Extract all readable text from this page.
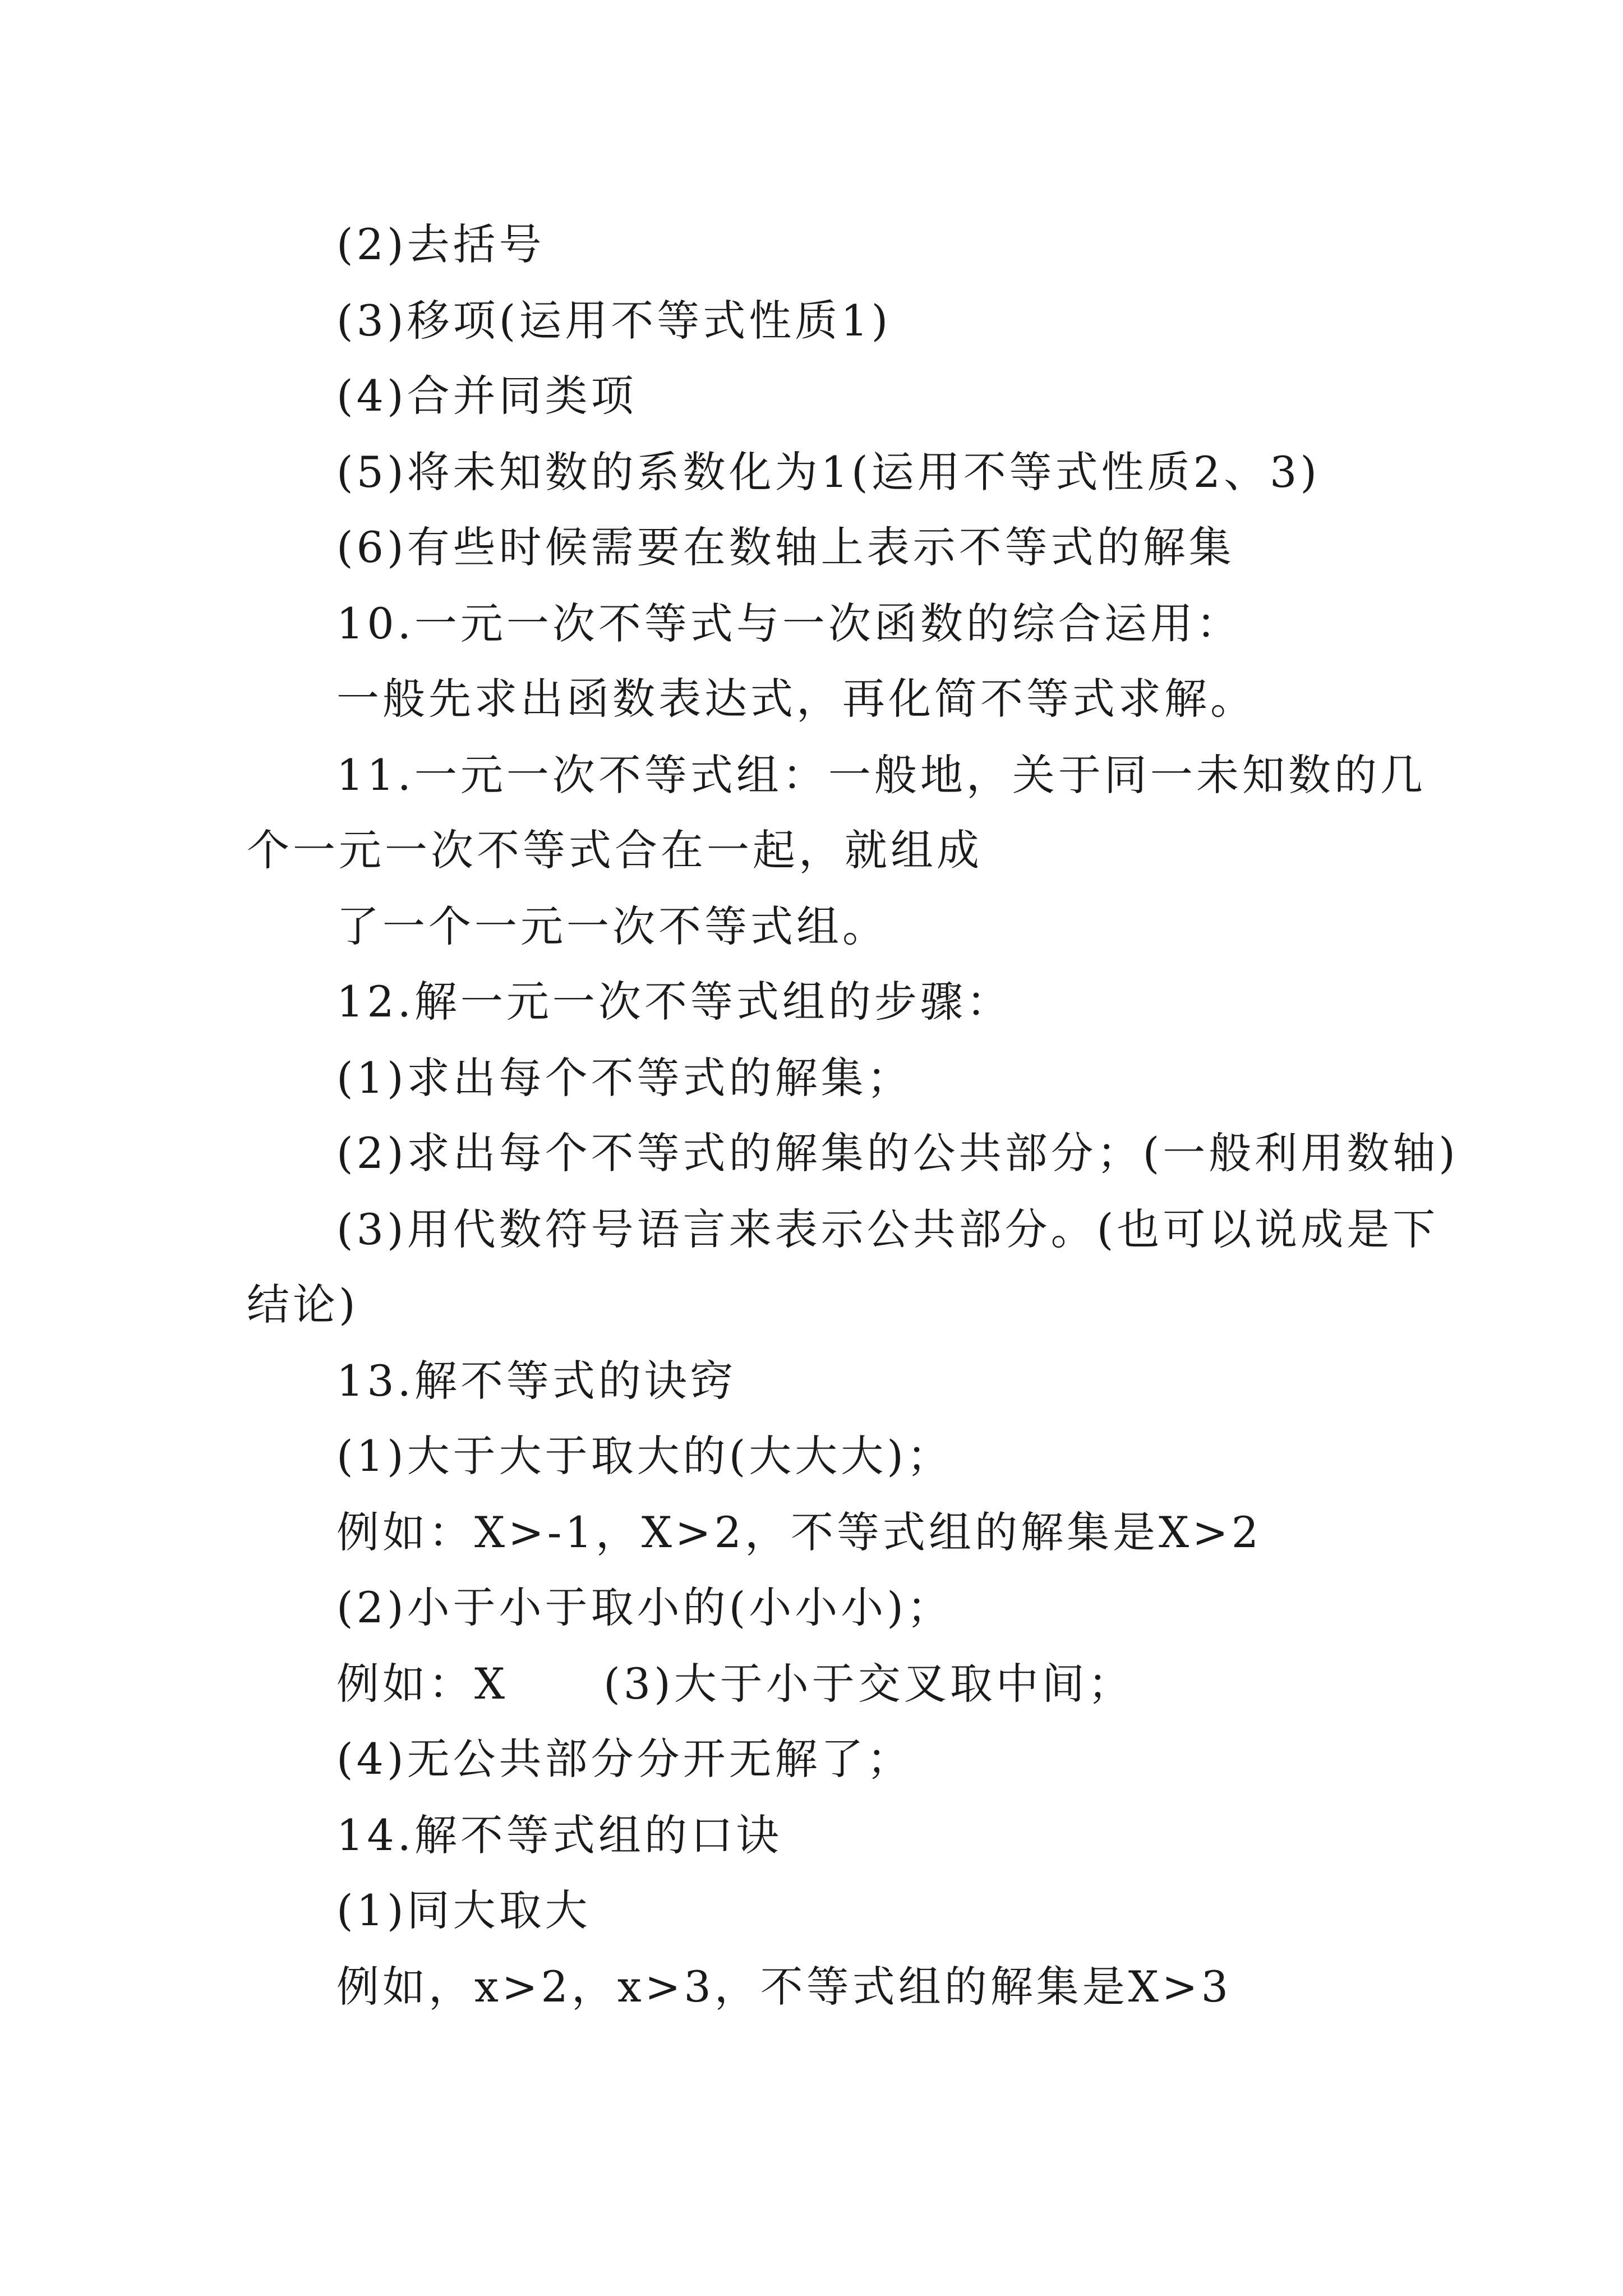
(2)去括号
(3)移项(运用不等式性质1)
(4)合并同类项
(5)将未知数的系数化为1(运用不等式性质2、3)
(6)有些时候需要在数轴上表示不等式的解集
10.一元一次不等式与一次函数的综合运用：
一般先求出函数表达式，再化简不等式求解。
11.一元一次不等式组：一般地，关于同一未知数的几
个一元一次不等式合在一起，就组成
了一个一元一次不等式组。
12.解一元一次不等式组的步骤：
(1)求出每个不等式的解集；
(2)求出每个不等式的解集的公共部分；(一般利用数轴)
(3)用代数符号语言来表示公共部分。(也可以说成是下
结论)
13.解不等式的诀窍
(1)大于大于取大的(大大大)；
例如：X>-1，X>2，不等式组的解集是X>2
(2)小于小于取小的(小小小)；
例如：X (3)大于小于交叉取中间；
(4)无公共部分分开无解了；
14.解不等式组的口诀
(1)同大取大
例如，x>2，x>3，不等式组的解集是X>3
